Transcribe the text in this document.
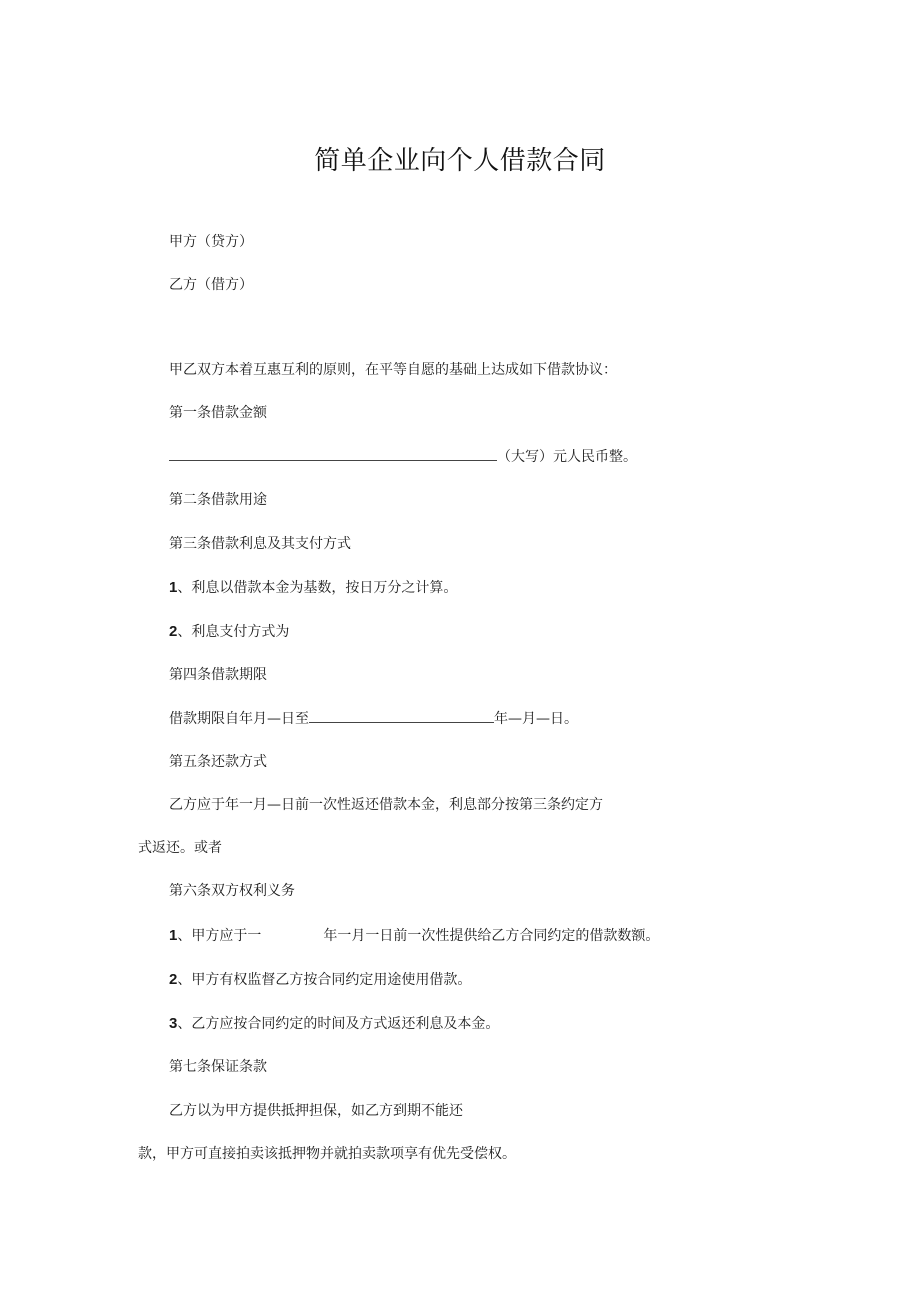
简单企业向个人借款合同
甲方（贷方）
乙方（借方）
甲乙双方本着互惠互利的原则，在平等自愿的基础上达成如下借款协议：
第一条借款金额
（大写）元人民币整。
第二条借款用途
第三条借款利息及其支付方式
1、利息以借款本金为基数，按日万分之计算。
2、利息支付方式为
第四条借款期限
借款期限自年月—日至	年—月—日。
第五条还款方式
乙方应于年一月—日前一次性返还借款本金，利息部分按第三条约定方
式返还。或者
第六条双方权利义务
1、甲方应于一	年一月一日前一次性提供给乙方合同约定的借款数额。
2、甲方有权监督乙方按合同约定用途使用借款。
3、乙方应按合同约定的时间及方式返还利息及本金。
第七条保证条款
乙方以为甲方提供抵押担保，如乙方到期不能还
款，甲方可直接拍卖该抵押物并就拍卖款项享有优先受偿权。
